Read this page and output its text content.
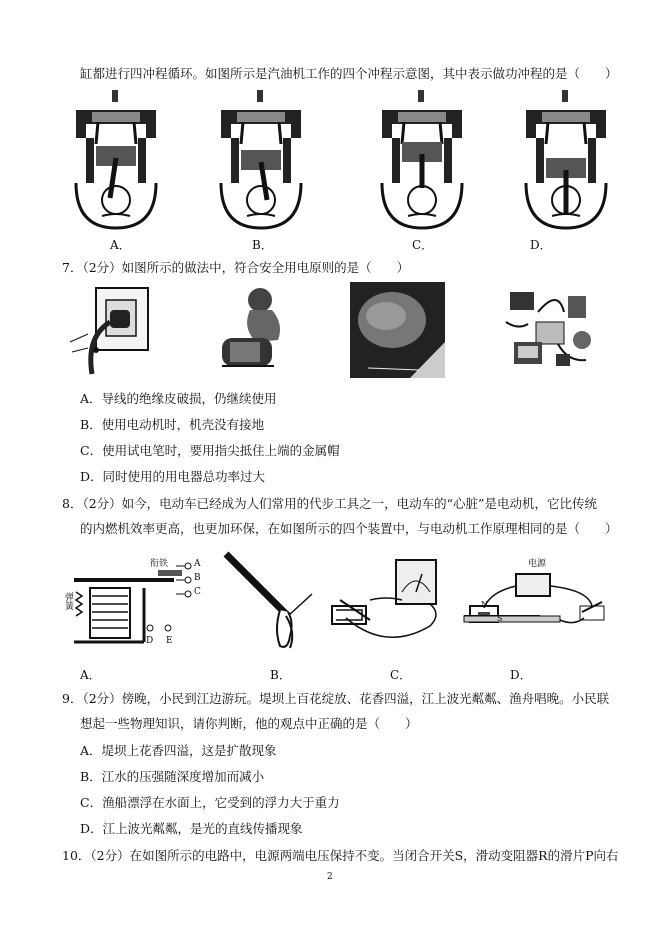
缸都进行四冲程循环。如图所示是汽油机工作的四个冲程示意图，其中表示做功冲程的是（　　）
A．	B．	C．	D．
7．（2分）如图所示的做法中，符合安全用电原则的是（　　）
A．导线的绝缘皮破损，仍继续使用
B．使用电动机时，机壳没有接地
C．使用试电笔时，要用指尖抵住上端的金属帽
D．同时使用的用电器总功率过大
8．（2分）如今，电动车已经成为人们常用的代步工具之一，电动车的“心脏”是电动机，它比传统
的内燃机效率更高，也更加环保，在如图所示的四个装置中，与电动机工作原理相同的是（　　）
衔铁
弹簧
A
B
C
D E
电源
N
S
A．	B．	C．	D．
9．（2分）傍晚，小民到江边游玩。堤坝上百花绽放、花香四溢，江上波光粼粼、渔舟唱晚。小民联
想起一些物理知识，请你判断，他的观点中正确的是（　　）
A．堤坝上花香四溢，这是扩散现象
B．江水的压强随深度增加而减小
C．渔船漂浮在水面上，它受到的浮力大于重力
D．江上波光粼粼，是光的直线传播现象
10．（2分）在如图所示的电路中，电源两端电压保持不变。当闭合开关S，滑动变阻器R的滑片P向右
2
